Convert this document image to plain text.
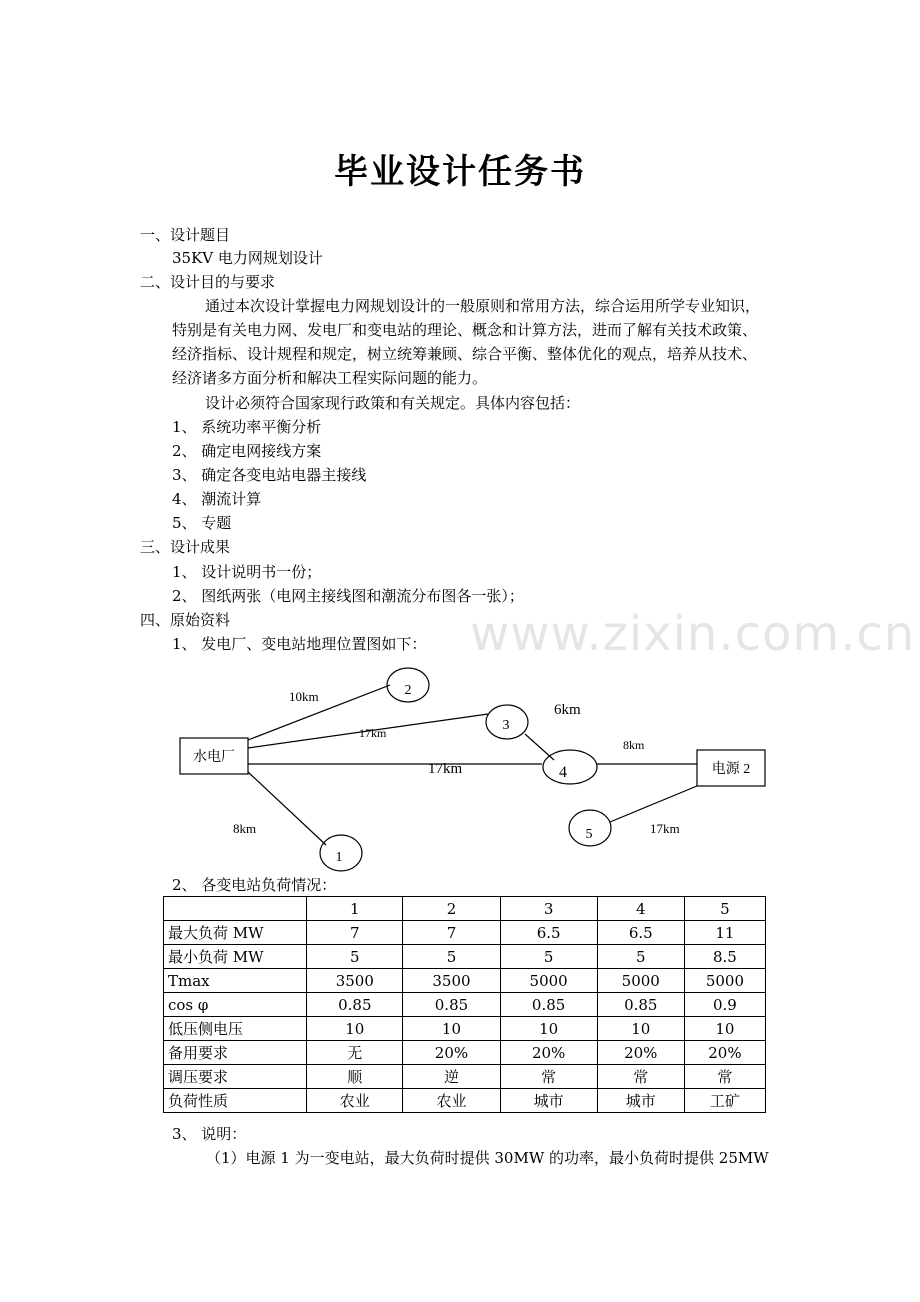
毕业设计任务书
www.zixin.com.cn
一、设计题目
35KV 电力网规划设计
二、设计目的与要求
通过本次设计掌握电力网规划设计的一般原则和常用方法，综合运用所学专业知识，
特别是有关电力网、发电厂和变电站的理论、概念和计算方法，进而了解有关技术政策、
经济指标、设计规程和规定，树立统筹兼顾、综合平衡、整体优化的观点，培养从技术、
经济诸多方面分析和解决工程实际问题的能力。
设计必须符合国家现行政策和有关规定。具体内容包括：
1、 系统功率平衡分析
2、 确定电网接线方案
3、 确定各变电站电器主接线
4、 潮流计算
5、 专题
三、设计成果
1、 设计说明书一份；
2、 图纸两张（电网主接线图和潮流分布图各一张）；
四、原始资料
1、 发电厂、变电站地理位置图如下：
水电厂
电源 2
2
3
4
1
5
10km
17km
17km
8km
6km
8km
17km
2、 各变电站负荷情况：
	1	2	3	4	5
最大负荷 MW	7	7	6.5	6.5	11
最小负荷 MW	5	5	5	5	8.5
Tmax	3500	3500	5000	5000	5000
cos φ	0.85	0.85	0.85	0.85	0.9
低压侧电压	10	10	10	10	10
备用要求	无	20%	20%	20%	20%
调压要求	顺	逆	常	常	常
负荷性质	农业	农业	城市	城市	工矿
3、 说明：
（1）电源 1 为一变电站，最大负荷时提供 30MW 的功率，最小负荷时提供 25MW
